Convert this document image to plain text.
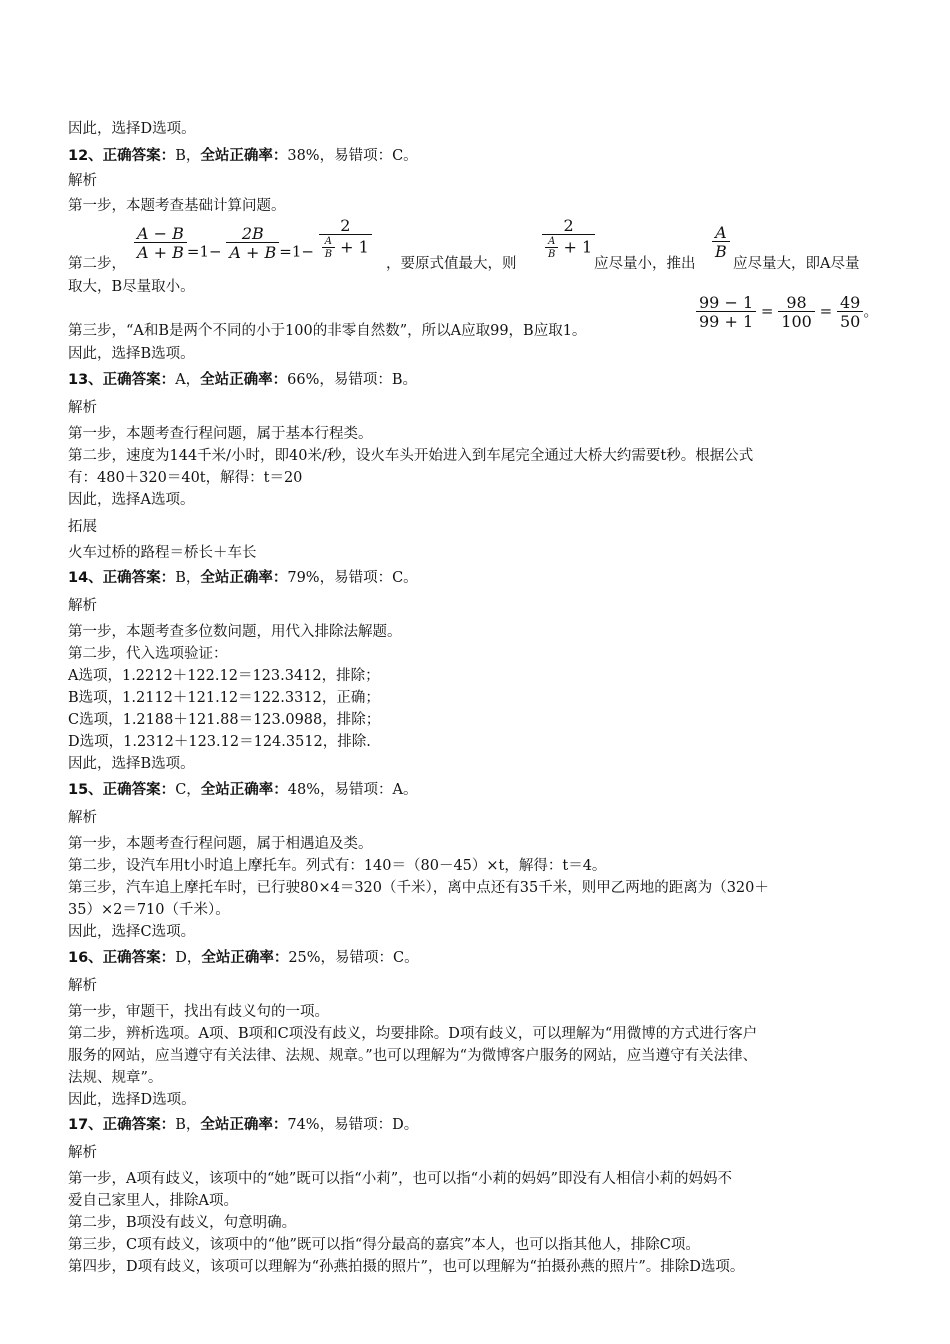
因此，选择D选项。
12、正确答案：B，全站正确率：38%，易错项：C。
解析
第一步，本题考查基础计算问题。
第二步，
$\frac{A - B}{A + B} =1- \frac{2B}{A + B} =1- \frac{2}{\frac{A}{B} + 1}$
，要原式值最大，则
$\frac{2}{\frac{A}{B} + 1}$
应尽量小，推出
$\frac{A}{B}$
应尽量大，即A尽量
取大，B尽量取小。
第三步，“A和B是两个不同的小于100的非零自然数”，所以A应取99，B应取1。
$\frac{99 - 1}{99 + 1} = \frac{98}{100} = \frac{49}{50}$ 。
因此，选择B选项。
13、正确答案：A，全站正确率：66%，易错项：B。
解析
第一步，本题考查行程问题，属于基本行程类。
第二步，速度为144千米/小时，即40米/秒，设火车头开始进入到车尾完全通过大桥大约需要t秒。根据公式
有：480＋320＝40t，解得：t＝20
因此，选择A选项。
拓展
火车过桥的路程＝桥长＋车长
14、正确答案：B，全站正确率：79%，易错项：C。
解析
第一步，本题考查多位数问题，用代入排除法解题。
第二步，代入选项验证：
A选项，1.2212＋122.12＝123.3412，排除；
B选项，1.2112＋121.12＝122.3312，正确；
C选项，1.2188＋121.88＝123.0988，排除；
D选项，1.2312＋123.12＝124.3512，排除.
因此，选择B选项。
15、正确答案：C，全站正确率：48%，易错项：A。
解析
第一步，本题考查行程问题，属于相遇追及类。
第二步，设汽车用t小时追上摩托车。列式有：140＝（80－45）×t，解得：t＝4。
第三步，汽车追上摩托车时，已行驶80×4＝320（千米），离中点还有35千米，则甲乙两地的距离为（320＋
35）×2＝710（千米）。
因此，选择C选项。
16、正确答案：D，全站正确率：25%，易错项：C。
解析
第一步，审题干，找出有歧义句的一项。
第二步，辨析选项。A项、B项和C项没有歧义，均要排除。D项有歧义，可以理解为“用微博的方式进行客户
服务的网站，应当遵守有关法律、法规、规章。”也可以理解为“为微博客户服务的网站，应当遵守有关法律、
法规、规章”。
因此，选择D选项。
17、正确答案：B，全站正确率：74%，易错项：D。
解析
第一步，A项有歧义，该项中的“她”既可以指“小莉”，也可以指“小莉的妈妈”即没有人相信小莉的妈妈不
爱自己家里人，排除A项。
第二步，B项没有歧义，句意明确。
第三步，C项有歧义，该项中的“他”既可以指“得分最高的嘉宾”本人，也可以指其他人，排除C项。
第四步，D项有歧义，该项可以理解为“孙燕拍摄的照片”，也可以理解为“拍摄孙燕的照片”。排除D选项。
